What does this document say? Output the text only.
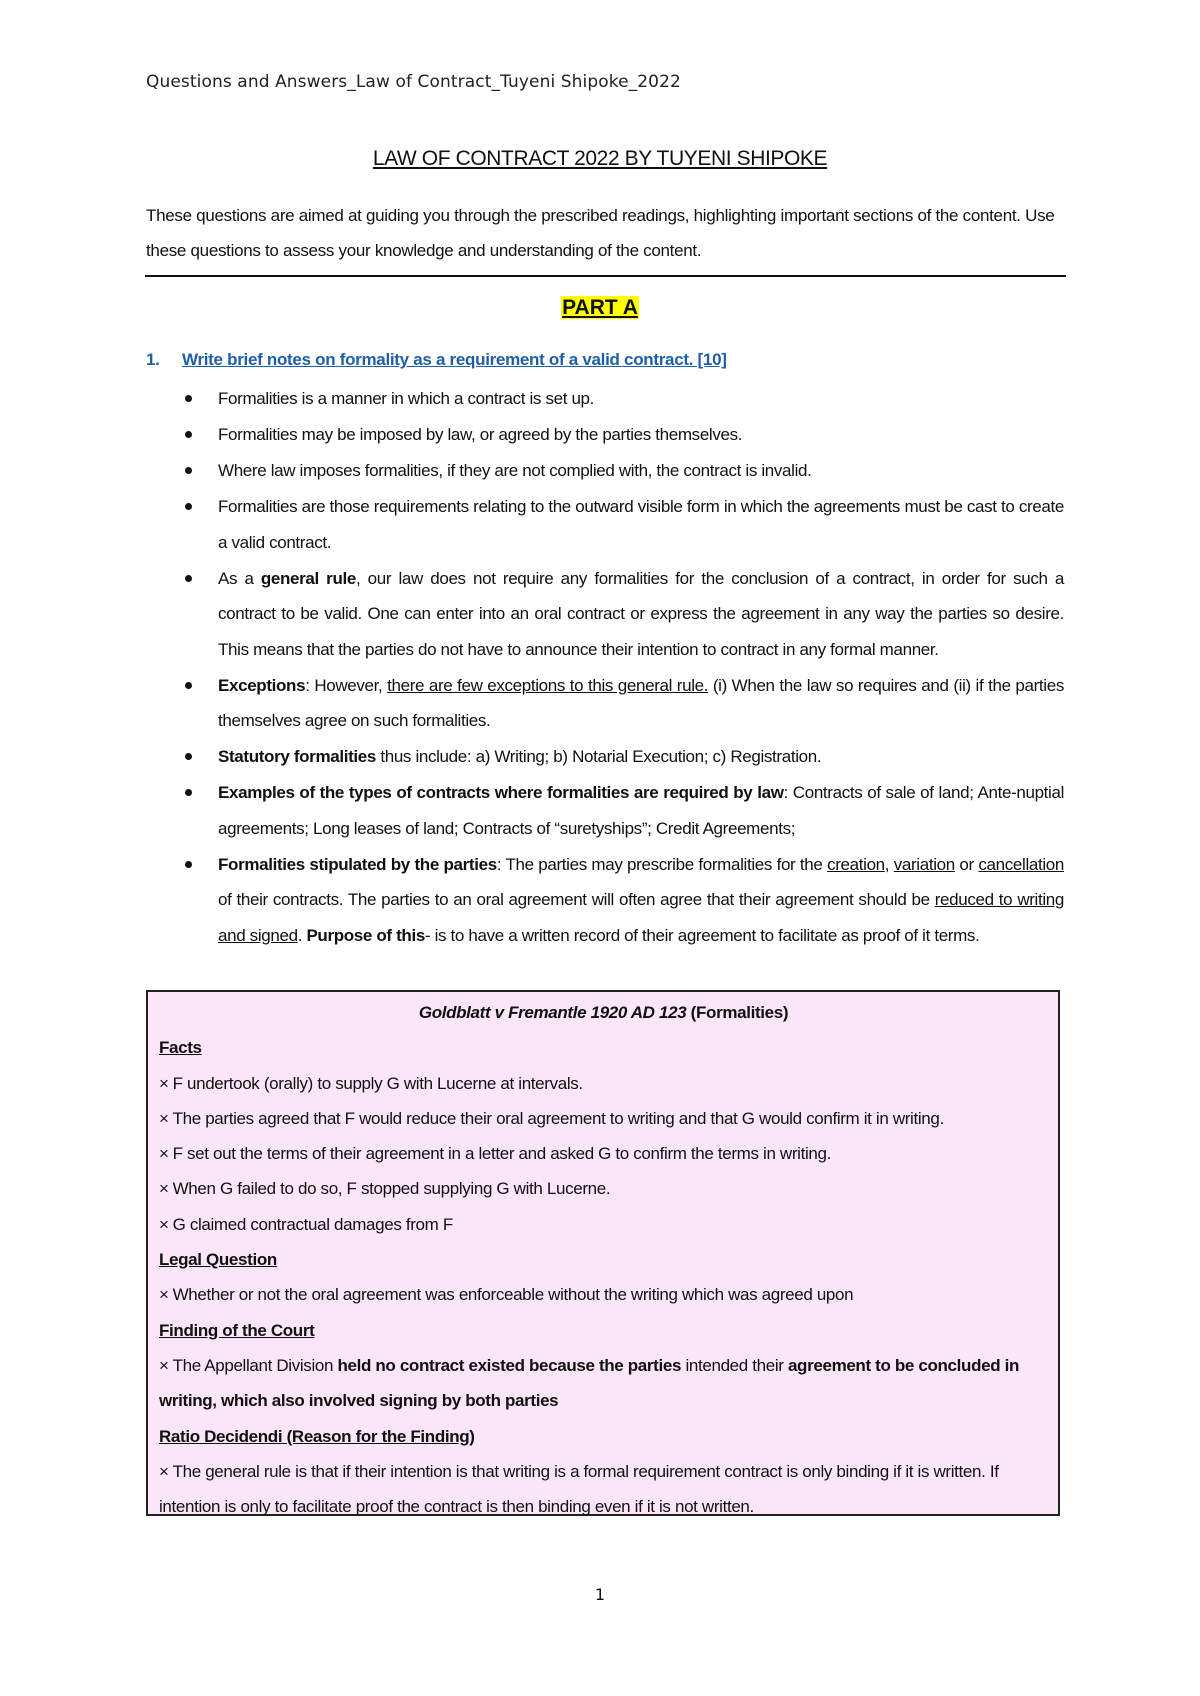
Questions and Answers_Law of Contract_Tuyeni Shipoke_2022
LAW OF CONTRACT 2022 BY TUYENI SHIPOKE
These questions are aimed at guiding you through the prescribed readings, highlighting important sections of the content. Use these questions to assess your knowledge and understanding of the content.
PART A
1. Write brief notes on formality as a requirement of a valid contract. [10]
Formalities is a manner in which a contract is set up.
Formalities may be imposed by law, or agreed by the parties themselves.
Where law imposes formalities, if they are not complied with, the contract is invalid.
Formalities are those requirements relating to the outward visible form in which the agreements must be cast to create a valid contract.
As a general rule, our law does not require any formalities for the conclusion of a contract, in order for such a contract to be valid. One can enter into an oral contract or express the agreement in any way the parties so desire. This means that the parties do not have to announce their intention to contract in any formal manner.
Exceptions: However, there are few exceptions to this general rule. (i) When the law so requires and (ii) if the parties themselves agree on such formalities.
Statutory formalities thus include: a) Writing; b) Notarial Execution; c) Registration.
Examples of the types of contracts where formalities are required by law: Contracts of sale of land; Ante-nuptial agreements; Long leases of land; Contracts of “suretyships”; Credit Agreements;
Formalities stipulated by the parties: The parties may prescribe formalities for the creation, variation or cancellation of their contracts. The parties to an oral agreement will often agree that their agreement should be reduced to writing and signed. Purpose of this- is to have a written record of their agreement to facilitate as proof of it terms.
Goldblatt v Fremantle 1920 AD 123 (Formalities)
Facts
× F undertook (orally) to supply G with Lucerne at intervals.
× The parties agreed that F would reduce their oral agreement to writing and that G would confirm it in writing.
× F set out the terms of their agreement in a letter and asked G to confirm the terms in writing.
× When G failed to do so, F stopped supplying G with Lucerne.
× G claimed contractual damages from F
Legal Question
× Whether or not the oral agreement was enforceable without the writing which was agreed upon
Finding of the Court
× The Appellant Division held no contract existed because the parties intended their agreement to be concluded in writing, which also involved signing by both parties
Ratio Decidendi (Reason for the Finding)
× The general rule is that if their intention is that writing is a formal requirement contract is only binding if it is written. If intention is only to facilitate proof the contract is then binding even if it is not written.
1
